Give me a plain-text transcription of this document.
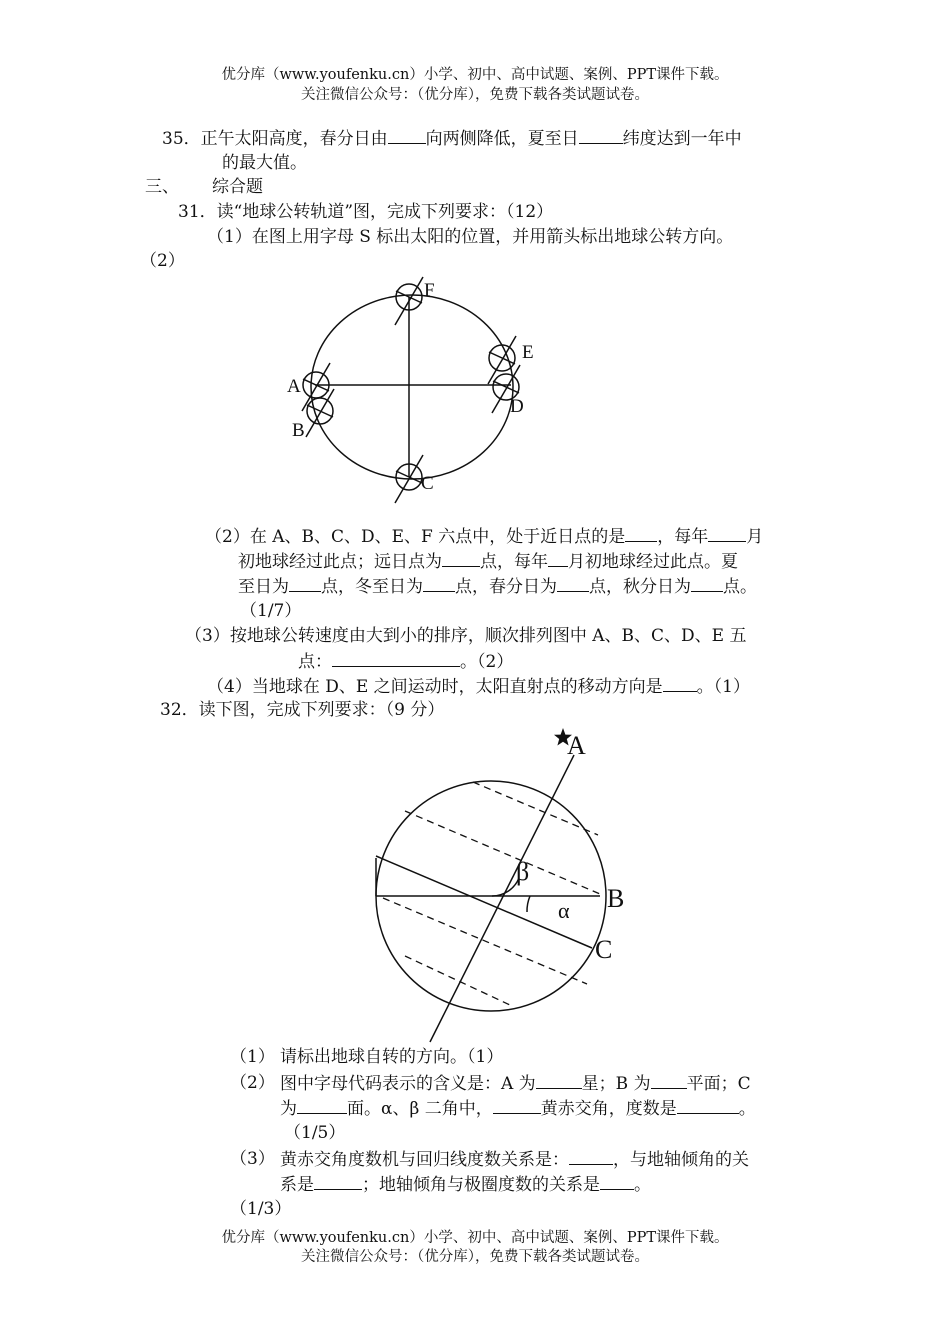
优分库（www.youfenku.cn）小学、初中、高中试题、案例、PPT课件下载。
关注微信公众号：（优分库），免费下载各类试题试卷。
35．正午太阳高度，春分日由 向两侧降低，夏至日	纬度达到一年中
的最大值。
三、 综合题
31．读“地球公转轨道”图，完成下列要求：（12）
（1）在图上用字母 S 标出太阳的位置，并用箭头标出地球公转方向。
（2）
F
E
D
A
B
C
（2）在 A、B、C、D、E、F 六点中，处于近日点的是 ，每年 月
初地球经过此点；远日点为 点，每年 月初地球经过此点。夏
至日为 点，冬至日为 点，春分日为 点，秋分日为 点。
（1/7）
（3）按地球公转速度由大到小的排序，顺次排列图中 A、B、C、D、E 五
点：	。（2）
（4）当地球在 D、E 之间运动时，太阳直射点的移动方向是 。（1）
32．读下图，完成下列要求：（9 分）
A
B
C
β
α
（1） 请标出地球自转的方向。（1）
（2） 图中字母代码表示的含义是：A 为	星；B 为 平面；C
为	面。α、β 二角中，	黄赤交角，度数是	。
（1/5）
（3） 黄赤交角度数机与回归线度数关系是：	，与地轴倾角的关
系是	；地轴倾角与极圈度数的关系是 。
（1/3）
优分库（www.youfenku.cn）小学、初中、高中试题、案例、PPT课件下载。
关注微信公众号：（优分库），免费下载各类试题试卷。
